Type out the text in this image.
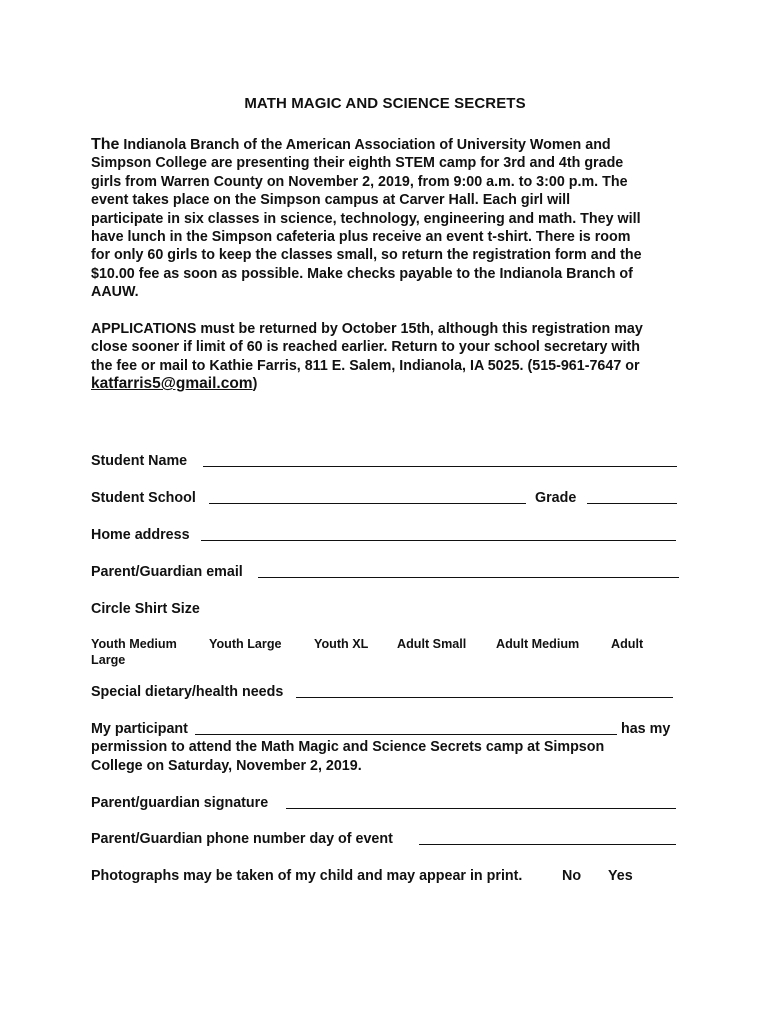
MATH MAGIC AND SCIENCE SECRETS
The Indianola Branch of the American Association of University Women and
Simpson College are presenting their eighth STEM camp for 3rd and 4th grade
girls from Warren County on November 2, 2019, from 9:00 a.m. to 3:00 p.m. The
event takes place on the Simpson campus at Carver Hall. Each girl will
participate in six classes in science, technology, engineering and math. They will
have lunch in the Simpson cafeteria plus receive an event t-shirt. There is room
for only 60 girls to keep the classes small, so return the registration form and the
$10.00 fee as soon as possible. Make checks payable to the Indianola Branch of
AAUW.
APPLICATIONS must be returned by October 15th, although this registration may
close sooner if limit of 60 is reached earlier. Return to your school secretary with
the fee or mail to Kathie Farris, 811 E. Salem, Indianola, IA 5025. (515-961-7647 or
katfarris5@gmail.com)
Student Name
Student School	Grade
Home address
Parent/Guardian email
Circle Shirt Size
Youth Medium	Youth Large	Youth XL Adult Small Adult Medium	Adult
Large
Special dietary/health needs
My participant	has my
permission to attend the Math Magic and Science Secrets camp at Simpson
College on Saturday, November 2, 2019.
Parent/guardian signature
Parent/Guardian phone number day of event
Photographs may be taken of my child and may appear in print.	No Yes
